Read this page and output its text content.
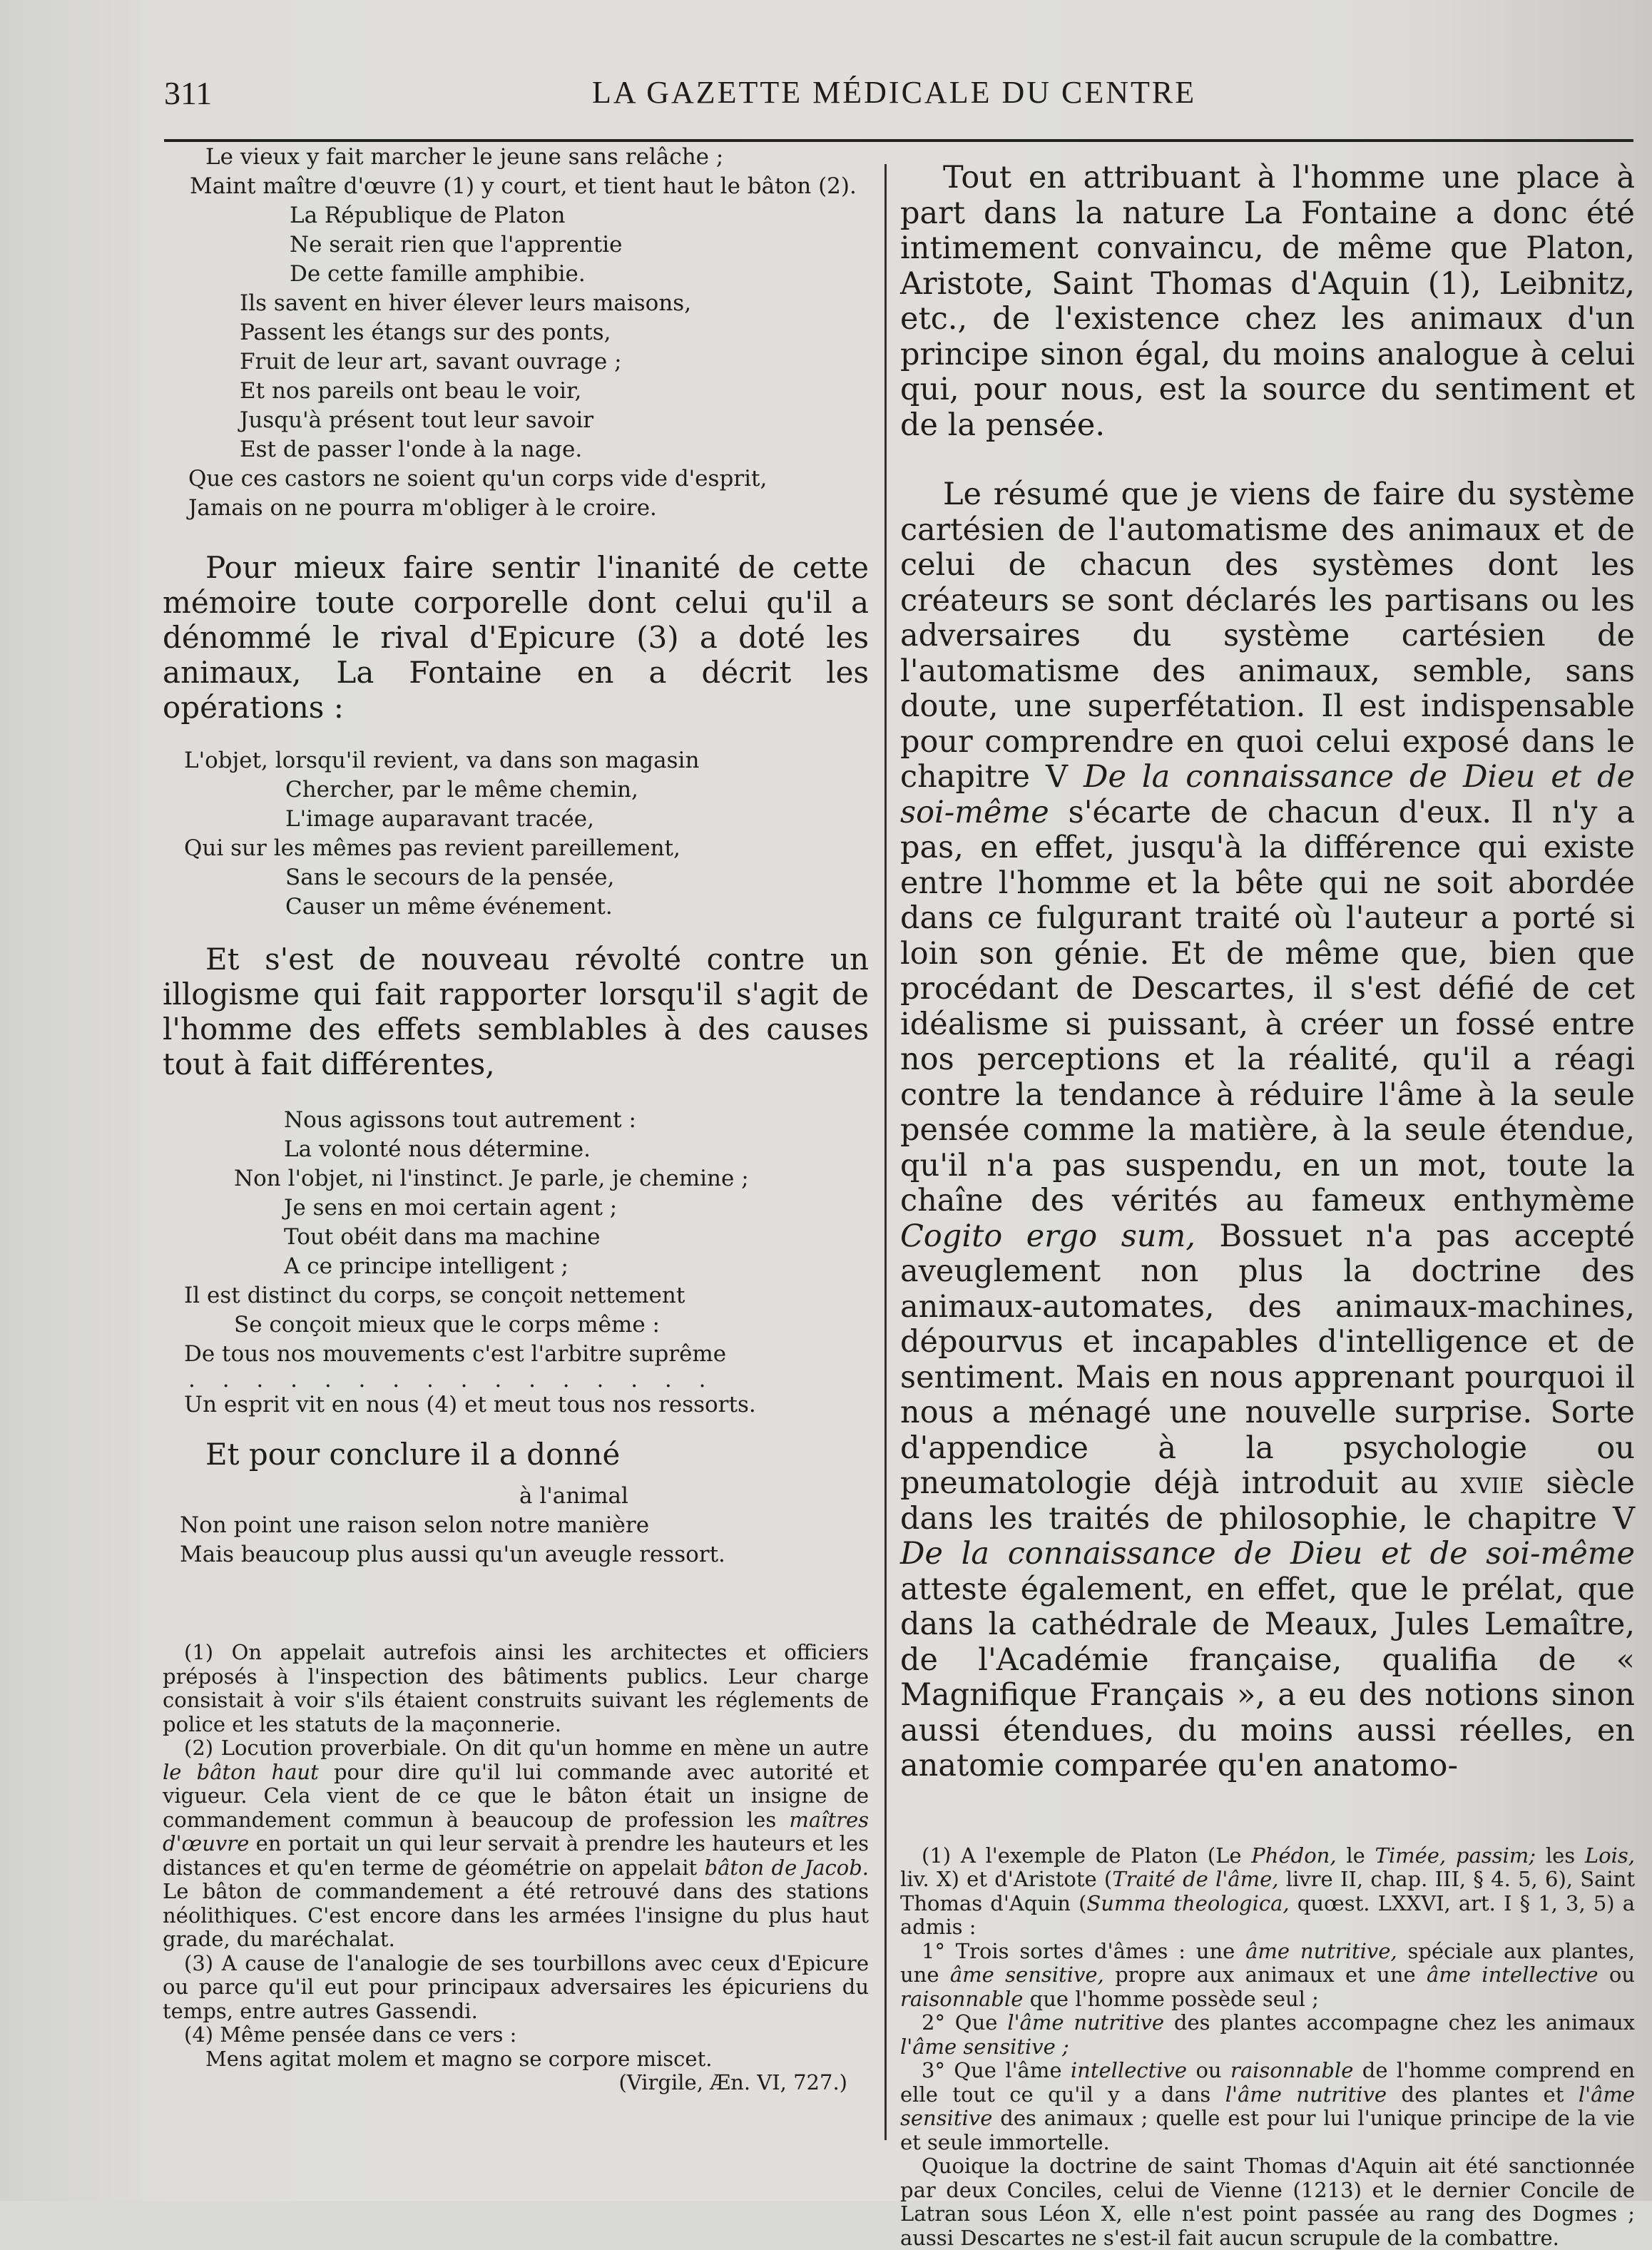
311	LA GAZETTE MÉDICALE DU CENTRE
Le vieux y fait marcher le jeune sans relâche ;
Maint maître d'œuvre (1) y court, et tient haut le bâton (2).
La République de Platon
Ne serait rien que l'apprentie
De cette famille amphibie.
Ils savent en hiver élever leurs maisons,
Passent les étangs sur des ponts,
Fruit de leur art, savant ouvrage ;
Et nos pareils ont beau le voir,
Jusqu'à présent tout leur savoir
Est de passer l'onde à la nage.
Que ces castors ne soient qu'un corps vide d'esprit,
Jamais on ne pourra m'obliger à le croire.

Pour mieux faire sentir l'inanité de cette mémoire toute corporelle dont celui qu'il a dénommé le rival d'Epicure (3) a doté les animaux, La Fontaine en a décrit les opérations :

L'objet, lorsqu'il revient, va dans son magasin
Chercher, par le même chemin,
L'image auparavant tracée,
Qui sur les mêmes pas revient pareillement,
Sans le secours de la pensée,
Causer un même événement.

Et s'est de nouveau révolté contre un illogisme qui fait rapporter lorsqu'il s'agit de l'homme des effets semblables à des causes tout à fait différentes,

Nous agissons tout autrement :
La volonté nous détermine.
Non l'objet, ni l'instinct. Je parle, je chemine ;
Je sens en moi certain agent ;
Tout obéit dans ma machine
A ce principe intelligent ;
Il est distinct du corps, se conçoit nettement
Se conçoit mieux que le corps même :
De tous nos mouvements c'est l'arbitre suprême
. . . . . . . . . . . . . . . .
Un esprit vit en nous (4) et meut tous nos ressorts.

Et pour conclure il a donné

à l'animal
Non point une raison selon notre manière
Mais beaucoup plus aussi qu'un aveugle ressort.

(1) On appelait autrefois ainsi les architectes et officiers préposés à l'inspection des bâtiments publics. Leur charge consistait à voir s'ils étaient construits suivant les réglements de police et les statuts de la maçonnerie.

(2) Locution proverbiale. On dit qu'un homme en mène un autre le bâton haut pour dire qu'il lui commande avec autorité et vigueur. Cela vient de ce que le bâton était un insigne de commandement commun à beaucoup de profession les maîtres d'œuvre en portait un qui leur servait à prendre les hauteurs et les distances et qu'en terme de géométrie on appelait bâton de Jacob. Le bâton de commandement a été retrouvé dans des stations néolithiques. C'est encore dans les armées l'insigne du plus haut grade, du maréchalat.

(3) A cause de l'analogie de ses tourbillons avec ceux d'Epicure ou parce qu'il eut pour principaux adversaires les épicuriens du temps, entre autres Gassendi.

(4) Même pensée dans ce vers :

Mens agitat molem et magno se corpore miscet.

(Virgile, Æn. VI, 727.)

Tout en attribuant à l'homme une place à part dans la nature La Fontaine a donc été intimement convaincu, de même que Platon, Aristote, Saint Thomas d'Aquin (1), Leibnitz, etc., de l'existence chez les animaux d'un principe sinon égal, du moins analogue à celui qui, pour nous, est la source du sentiment et de la pensée.

Le résumé que je viens de faire du système cartésien de l'automatisme des animaux et de celui de chacun des systèmes dont les créateurs se sont déclarés les partisans ou les adversaires du système cartésien de l'automatisme des animaux, semble, sans doute, une superfétation. Il est indispensable pour comprendre en quoi celui exposé dans le chapitre V De la connaissance de Dieu et de soi-même s'écarte de chacun d'eux. Il n'y a pas, en effet, jusqu'à la différence qui existe entre l'homme et la bête qui ne soit abordée dans ce fulgurant traité où l'auteur a porté si loin son génie. Et de même que, bien que procédant de Descartes, il s'est défié de cet idéalisme si puissant, à créer un fossé entre nos perceptions et la réalité, qu'il a réagi contre la tendance à réduire l'âme à la seule pensée comme la matière, à la seule étendue, qu'il n'a pas suspendu, en un mot, toute la chaîne des vérités au fameux enthymème Cogito ergo sum, Bossuet n'a pas accepté aveuglement non plus la doctrine des animaux-automates, des animaux-machines, dépourvus et incapables d'intelligence et de sentiment. Mais en nous apprenant pourquoi il nous a ménagé une nouvelle surprise. Sorte d'appendice à la psychologie ou pneumatologie déjà introduit au xviie siècle dans les traités de philosophie, le chapitre V De la connaissance de Dieu et de soi-même atteste également, en effet, que le prélat, que dans la cathédrale de Meaux, Jules Lemaître, de l'Académie française, qualifia de « Magnifique Français », a eu des notions sinon aussi étendues, du moins aussi réelles, en anatomie comparée qu'en anatomo-

(1) A l'exemple de Platon (Le Phédon, le Timée, passim; les Lois, liv. X) et d'Aristote (Traité de l'âme, livre II, chap. III, § 4. 5, 6), Saint Thomas d'Aquin (Summa theologica, quœst. LXXVI, art. I § 1, 3, 5) a admis :

1° Trois sortes d'âmes : une âme nutritive, spéciale aux plantes, une âme sensitive, propre aux animaux et une âme intellective ou raisonnable que l'homme possède seul ;

2° Que l'âme nutritive des plantes accompagne chez les animaux l'âme sensitive ;

3° Que l'âme intellective ou raisonnable de l'homme comprend en elle tout ce qu'il y a dans l'âme nutritive des plantes et l'âme sensitive des animaux ; quelle est pour lui l'unique principe de la vie et seule immortelle.

Quoique la doctrine de saint Thomas d'Aquin ait été sanctionnée par deux Conciles, celui de Vienne (1213) et le dernier Concile de Latran sous Léon X, elle n'est point passée au rang des Dogmes ; aussi Descartes ne s'est-il fait aucun scrupule de la combattre.
